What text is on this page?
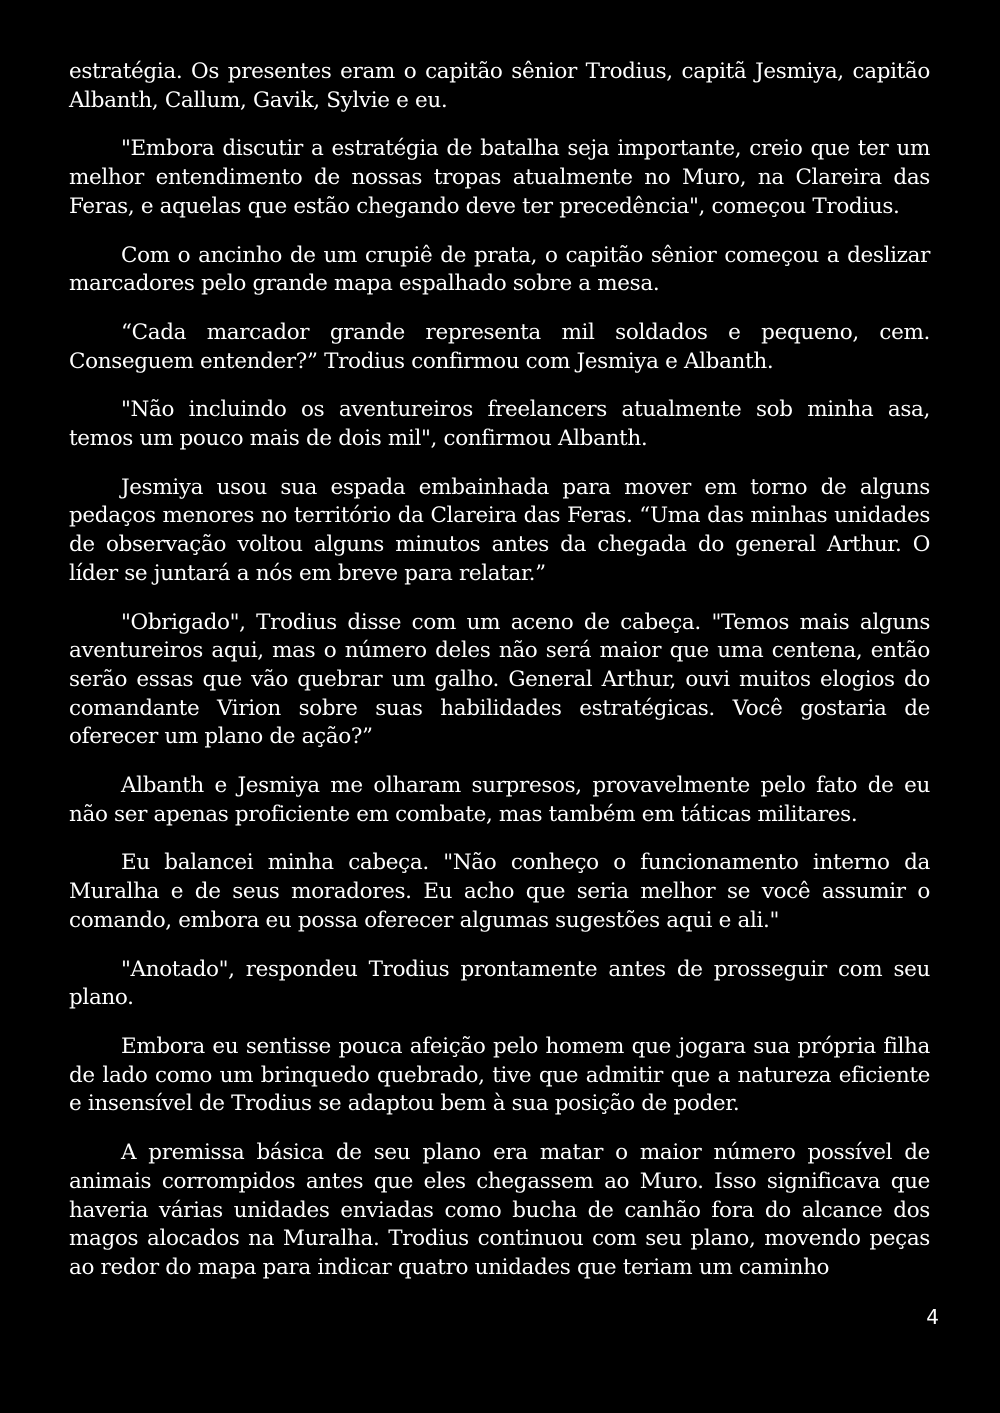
estratégia. Os presentes eram o capitão sênior Trodius, capitã Jesmiya, capitão Albanth, Callum, Gavik, Sylvie e eu.

"Embora discutir a estratégia de batalha seja importante, creio que ter um melhor entendimento de nossas tropas atualmente no Muro, na Clareira das Feras, e aquelas que estão chegando deve ter precedência", começou Trodius.

Com o ancinho de um crupiê de prata, o capitão sênior começou a deslizar marcadores pelo grande mapa espalhado sobre a mesa.

“Cada marcador grande representa mil soldados e pequeno, cem. Conseguem entender?” Trodius confirmou com Jesmiya e Albanth.

"Não incluindo os aventureiros freelancers atualmente sob minha asa, temos um pouco mais de dois mil", confirmou Albanth.

Jesmiya usou sua espada embainhada para mover em torno de alguns pedaços menores no território da Clareira das Feras. “Uma das minhas unidades de observação voltou alguns minutos antes da chegada do general Arthur. O líder se juntará a nós em breve para relatar.”

"Obrigado", Trodius disse com um aceno de cabeça. "Temos mais alguns aventureiros aqui, mas o número deles não será maior que uma centena, então serão essas que vão quebrar um galho. General Arthur, ouvi muitos elogios do comandante Virion sobre suas habilidades estratégicas. Você gostaria de oferecer um plano de ação?”

Albanth e Jesmiya me olharam surpresos, provavelmente pelo fato de eu não ser apenas proficiente em combate, mas também em táticas militares.

Eu balancei minha cabeça. "Não conheço o funcionamento interno da Muralha e de seus moradores. Eu acho que seria melhor se você assumir o comando, embora eu possa oferecer algumas sugestões aqui e ali."

"Anotado", respondeu Trodius prontamente antes de prosseguir com seu plano.

Embora eu sentisse pouca afeição pelo homem que jogara sua própria filha de lado como um brinquedo quebrado, tive que admitir que a natureza eficiente e insensível de Trodius se adaptou bem à sua posição de poder.

A premissa básica de seu plano era matar o maior número possível de animais corrompidos antes que eles chegassem ao Muro. Isso significava que haveria várias unidades enviadas como bucha de canhão fora do alcance dos magos alocados na Muralha. Trodius continuou com seu plano, movendo peças ao redor do mapa para indicar quatro unidades que teriam um caminho

4
